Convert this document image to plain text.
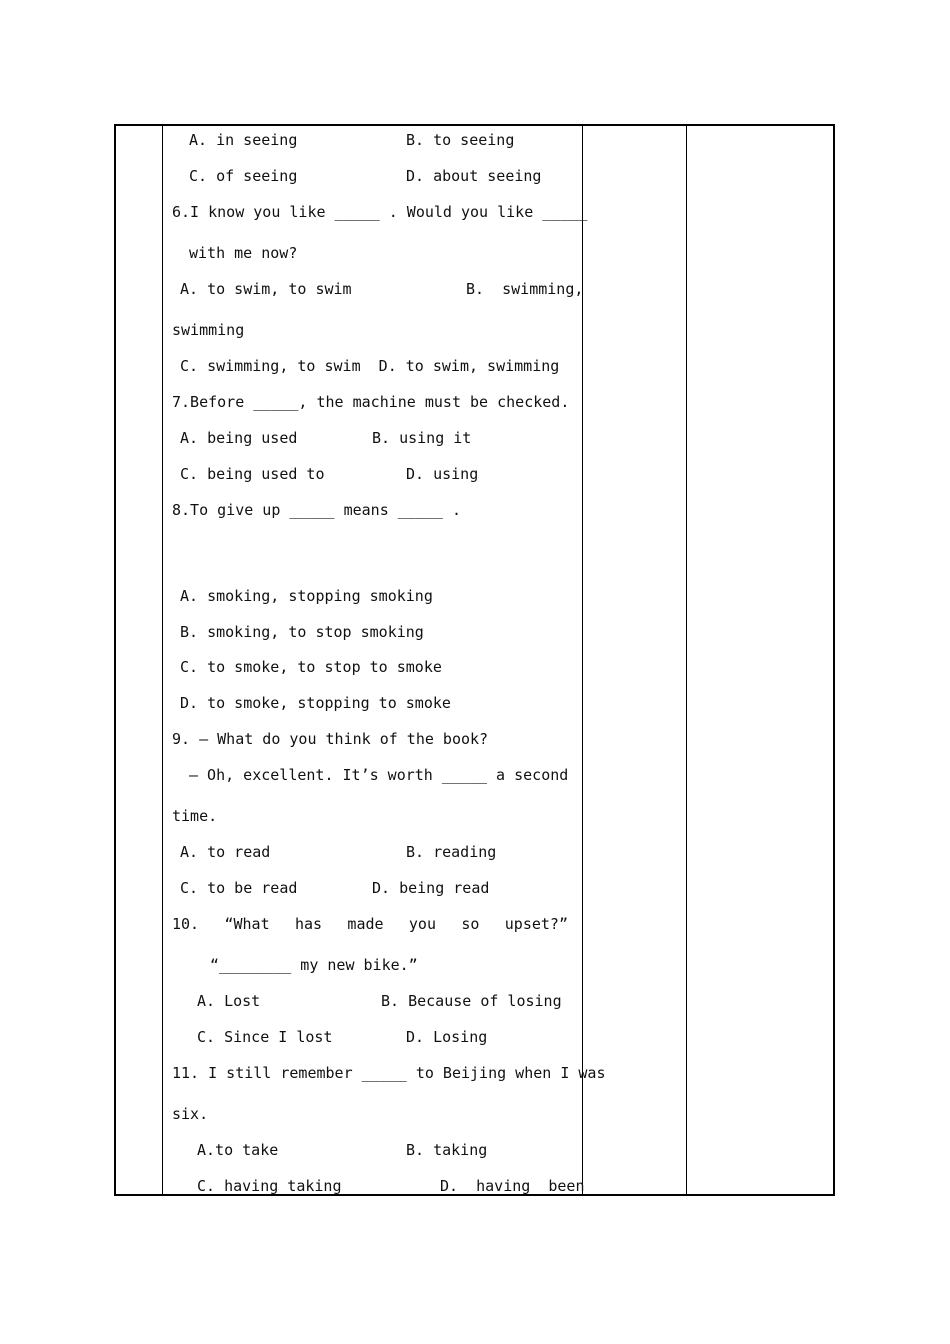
A. in seeing	B. to seeing
C. of seeing	D. about seeing
6.I know you like _____ . Would you like _____
with me now?
A. to swim, to swim	B.  swimming,
swimming
C. swimming, to swim  D. to swim, swimming
7.Before _____, the machine must be checked.
A. being used	B. using it
C. being used to	D. using
8.To give up _____ means _____ .
A. smoking, stopping smoking
B. smoking, to stop smoking
C. to smoke, to stop to smoke
D. to smoke, stopping to smoke
9. — What do you think of the book?
— Oh, excellent. It’s worth _____ a second
time.
A. to read	B. reading
C. to be read	D. being read
10. “What has made you so upset?”
“________ my new bike.”
A. Lost	B. Because of losing
C. Since I lost	D. Losing
11. I still remember _____ to Beijing when I was
six.
A.to take	B. taking
C. having taking	D.  having  been
